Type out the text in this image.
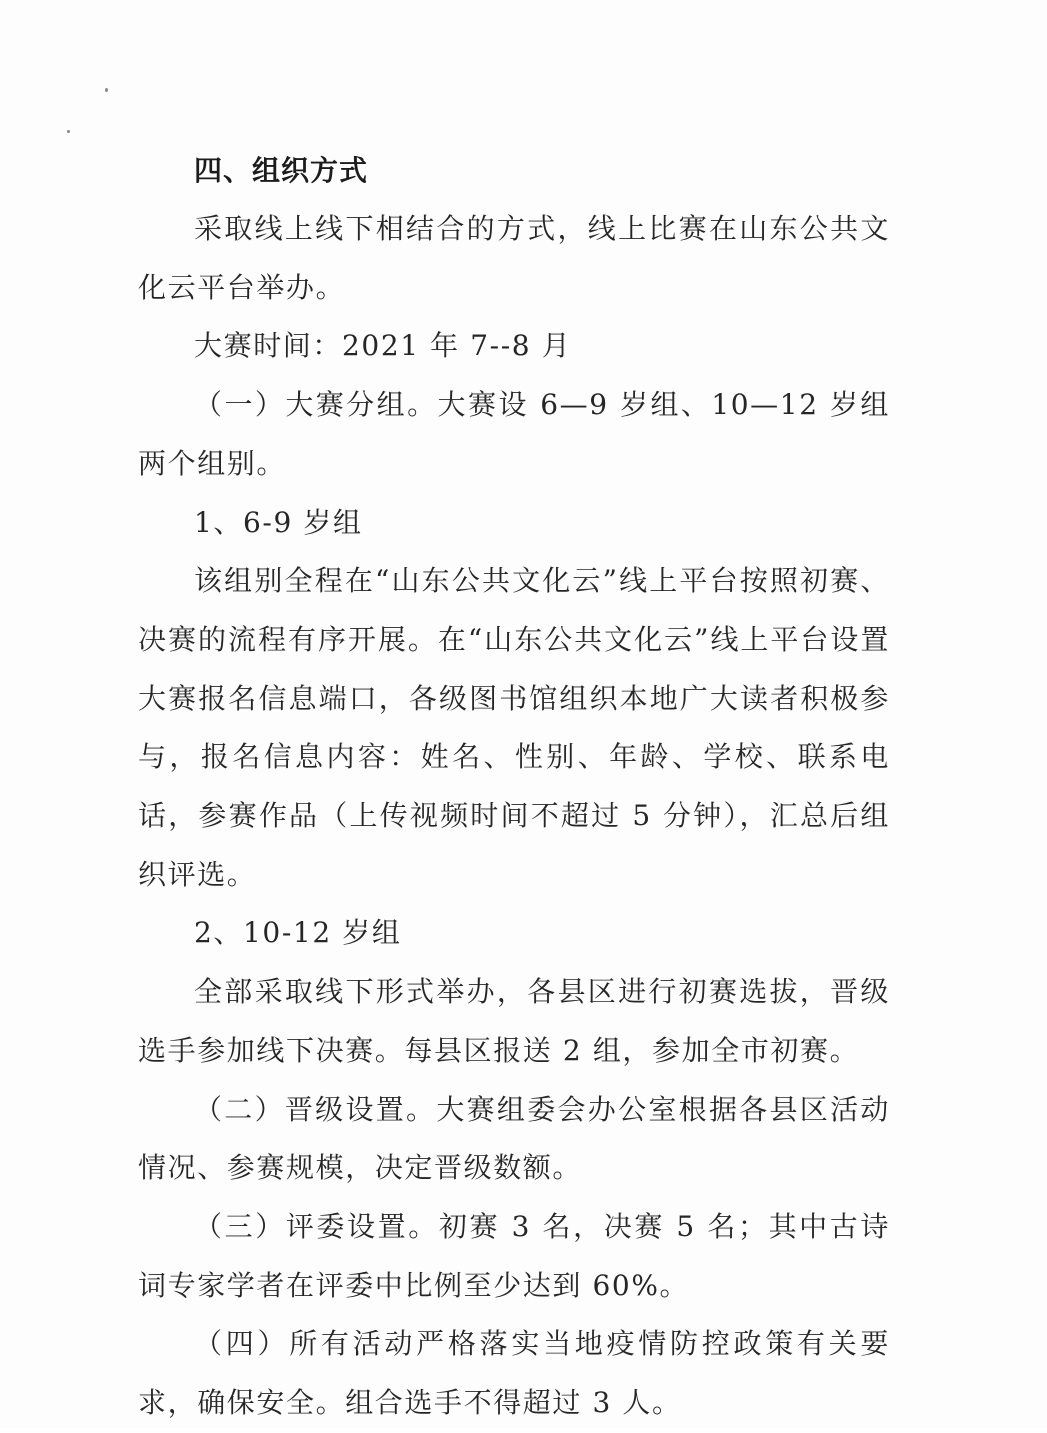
四、组织方式

采取线上线下相结合的方式，线上比赛在山东公共文化云平台举办。

大赛时间：2021 年 7--8 月

（一）大赛分组。大赛设 6—9 岁组、10—12 岁组两个组别。

1、6-9 岁组

该组别全程在“山东公共文化云”线上平台按照初赛、决赛的流程有序开展。在“山东公共文化云”线上平台设置大赛报名信息端口，各级图书馆组织本地广大读者积极参与，报名信息内容：姓名、性别、年龄、学校、联系电话，参赛作品（上传视频时间不超过 5 分钟），汇总后组织评选。

2、10-12 岁组

全部采取线下形式举办，各县区进行初赛选拔，晋级选手参加线下决赛。每县区报送 2 组，参加全市初赛。

（二）晋级设置。大赛组委会办公室根据各县区活动情况、参赛规模，决定晋级数额。

（三）评委设置。初赛 3 名，决赛 5 名；其中古诗词专家学者在评委中比例至少达到 60%。

（四）所有活动严格落实当地疫情防控政策有关要求，确保安全。组合选手不得超过 3 人。
